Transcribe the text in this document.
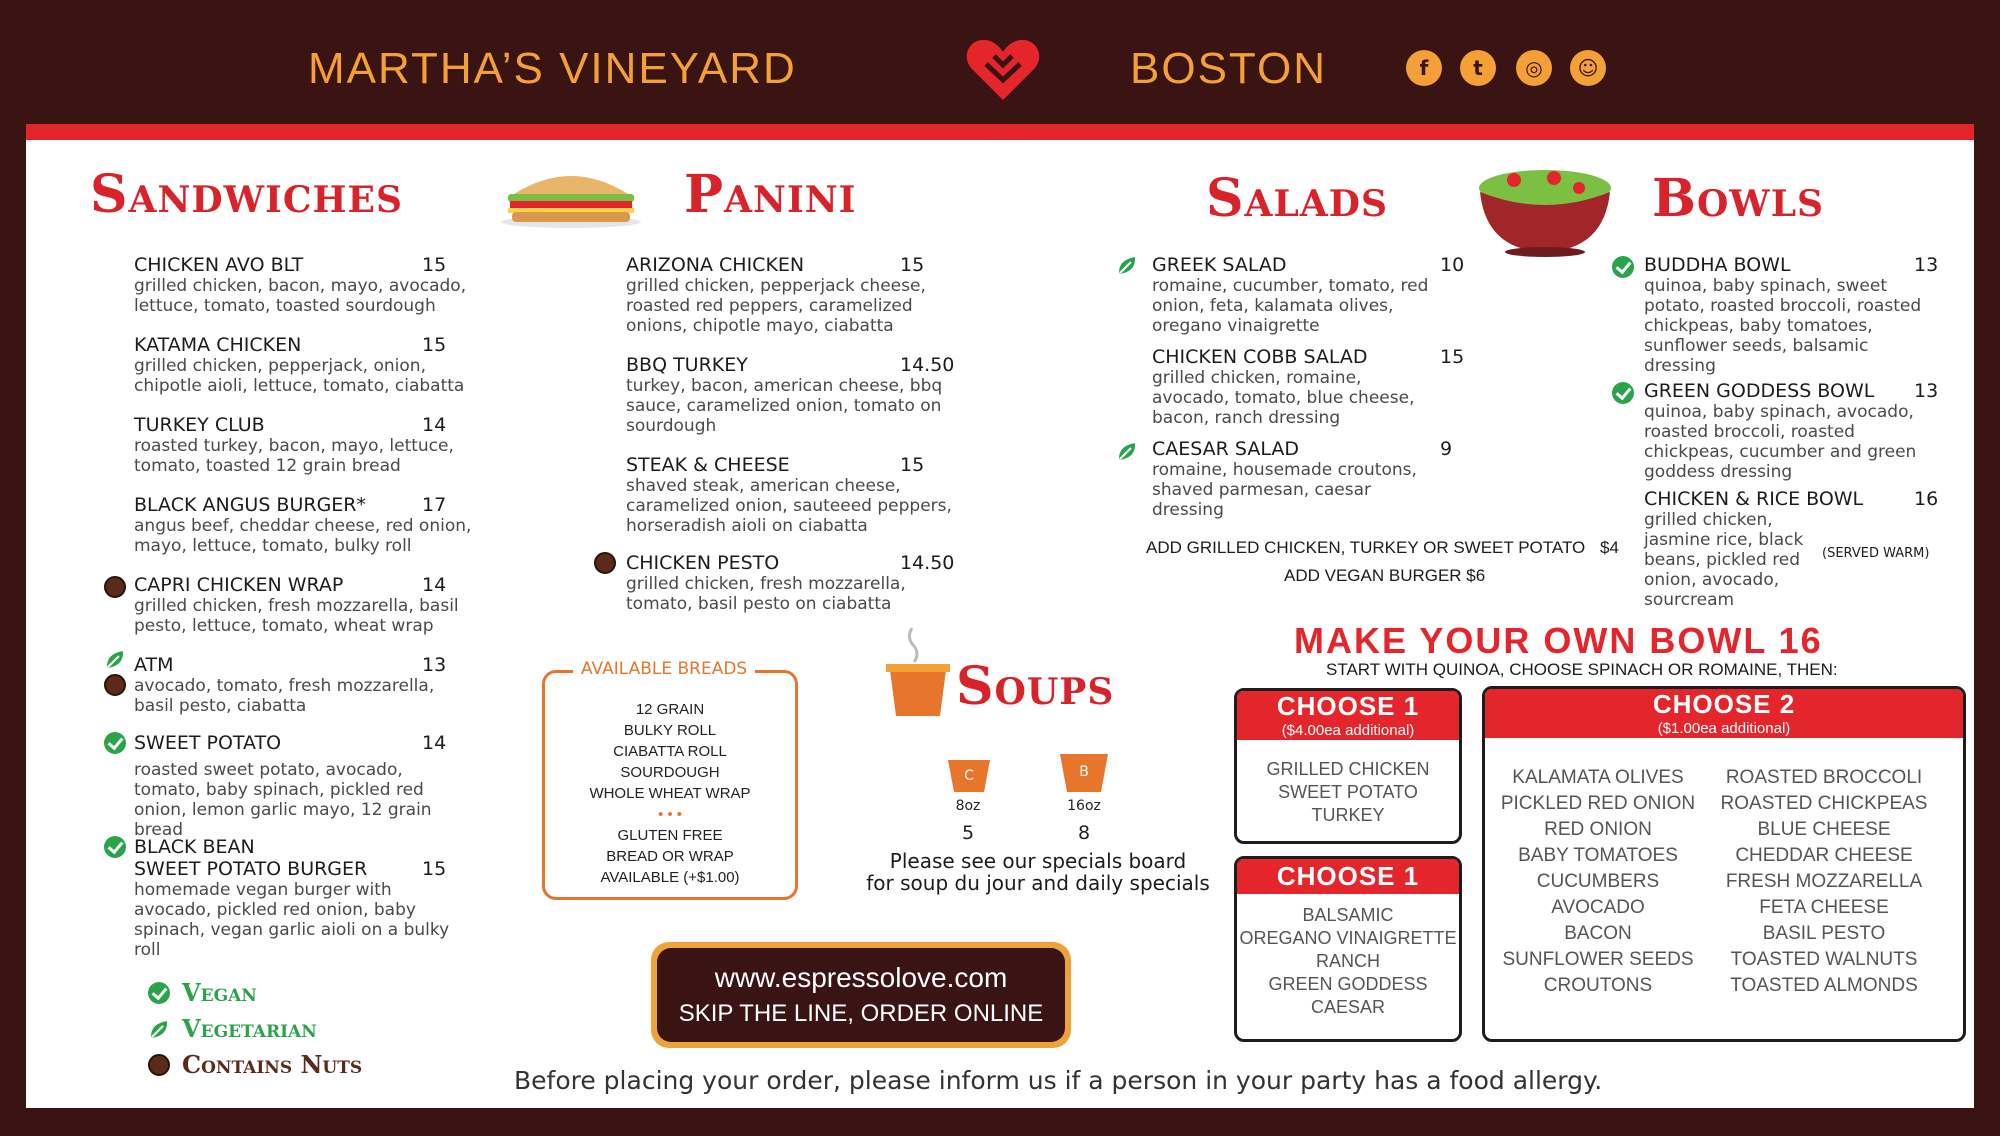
MARTHA’S VINEYARD	BOSTON	f	t	◎	☺
Sandwiches	Panini	Salads	Bowls
CHICKEN AVO BLT	15
grilled chicken, bacon, mayo, avocado, lettuce, tomato, toasted sourdough
KATAMA CHICKEN	15
grilled chicken, pepperjack, onion, chipotle aioli, lettuce, tomato, ciabatta
TURKEY CLUB	14
roasted turkey, bacon, mayo, lettuce, tomato, toasted 12 grain bread
BLACK ANGUS BURGER*	17
angus beef, cheddar cheese, red onion, mayo, lettuce, tomato, bulky roll
CAPRI CHICKEN WRAP	14
grilled chicken, fresh mozzarella, basil pesto, lettuce, tomato, wheat wrap
ATM	13
avocado, tomato, fresh mozzarella, basil pesto, ciabatta
SWEET POTATO	14
roasted sweet potato, avocado, tomato, baby spinach, pickled red onion, lemon garlic mayo, 12 grain bread
BLACK BEAN
SWEET POTATO BURGER	15
homemade vegan burger with avocado, pickled red onion, baby spinach, vegan garlic aioli on a bulky roll
ARIZONA CHICKEN	15
grilled chicken, pepperjack cheese, roasted red peppers, caramelized onions, chipotle mayo, ciabatta
BBQ TURKEY	14.50
turkey, bacon, american cheese, bbq sauce, caramelized onion, tomato on sourdough
STEAK & CHEESE	15
shaved steak, american cheese, caramelized onion, sauteeed peppers, horseradish aioli on ciabatta
CHICKEN PESTO	14.50
grilled chicken, fresh mozzarella, tomato, basil pesto on ciabatta
AVAILABLE BREADS
12 GRAIN
BULKY ROLL
CIABATTA ROLL
SOURDOUGH
WHOLE WHEAT WRAP
• • •
GLUTEN FREE
BREAD OR WRAP
AVAILABLE (+$1.00)
Soups
C
8oz
5
B
16oz
8
Please see our specials board
for soup du jour and daily specials
www.espressolove.com
SKIP THE LINE, ORDER ONLINE
Vegan
Vegetarian
Contains Nuts
Before placing your order, please inform us if a person in your party has a food allergy.
GREEK SALAD	10
romaine, cucumber, tomato, red onion, feta, kalamata olives, oregano vinaigrette
CHICKEN COBB SALAD	15
grilled chicken, romaine, avocado, tomato, blue cheese, bacon, ranch dressing
CAESAR SALAD	9
romaine, housemade croutons, shaved parmesan, caesar dressing
ADD GRILLED CHICKEN, TURKEY OR SWEET POTATO $4
ADD VEGAN BURGER $6
BUDDHA BOWL	13
quinoa, baby spinach, sweet potato, roasted broccoli, roasted chickpeas, baby tomatoes, sunflower seeds, balsamic dressing
GREEN GODDESS BOWL	13
quinoa, baby spinach, avocado, roasted broccoli, roasted chickpeas, cucumber and green goddess dressing
CHICKEN & RICE BOWL	16
grilled chicken, jasmine rice, black beans, pickled red onion, avocado, sourcream
(SERVED WARM)
MAKE YOUR OWN BOWL 16
START WITH QUINOA, CHOOSE SPINACH OR ROMAINE, THEN:
CHOOSE 1
($4.00ea additional)
GRILLED CHICKEN
SWEET POTATO
TURKEY
CHOOSE 1
BALSAMIC
OREGANO VINAIGRETTE
RANCH
GREEN GODDESS
CAESAR
CHOOSE 2
($1.00ea additional)
KALAMATA OLIVES
PICKLED RED ONION
RED ONION
BABY TOMATOES
CUCUMBERS
AVOCADO
BACON
SUNFLOWER SEEDS
CROUTONS
ROASTED BROCCOLI
ROASTED CHICKPEAS
BLUE CHEESE
CHEDDAR CHEESE
FRESH MOZZARELLA
FETA CHEESE
BASIL PESTO
TOASTED WALNUTS
TOASTED ALMONDS
